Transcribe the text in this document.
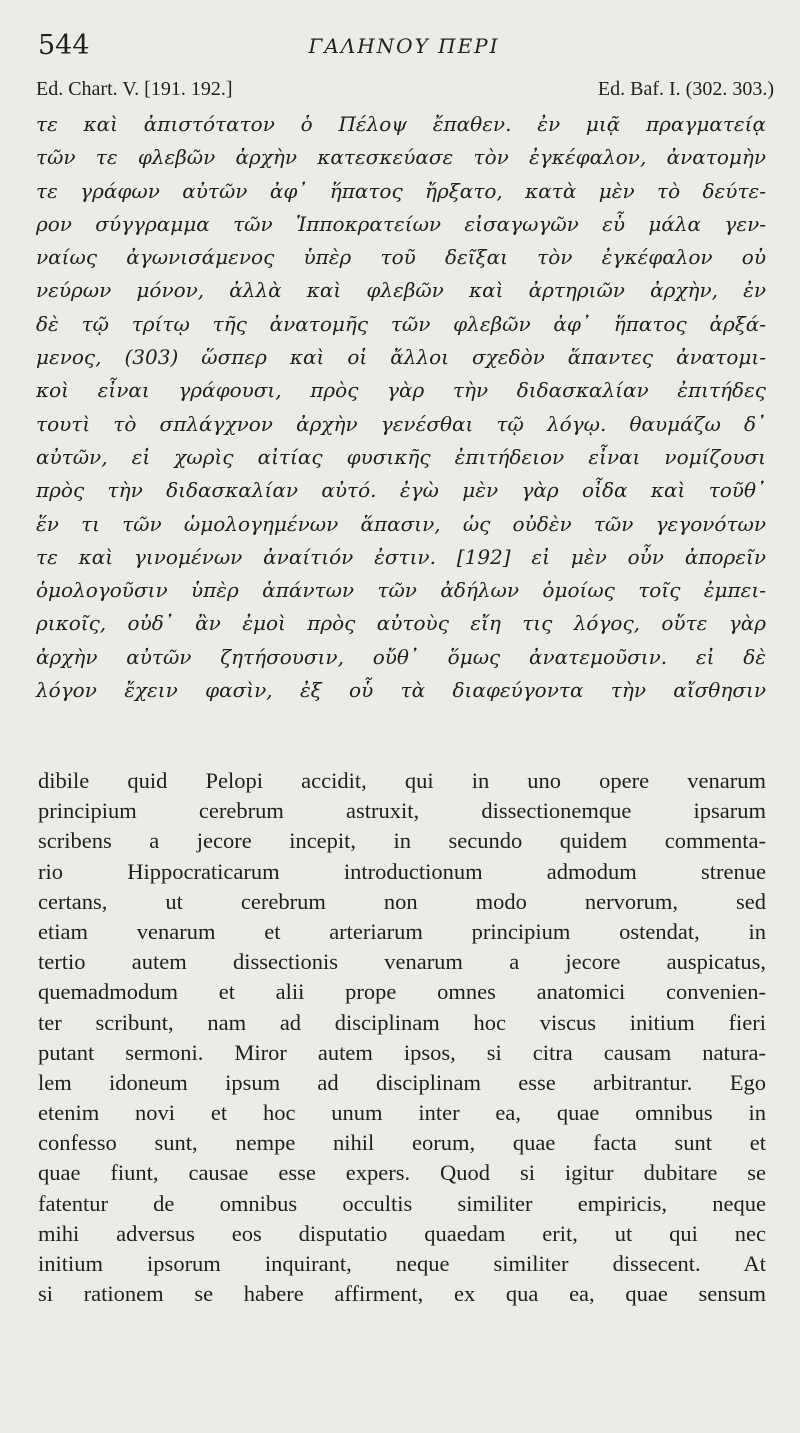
544	ΓΑΛΗΝΟΥ ΠΕΡΙ
Ed. Chart. V. [191. 192.]	Ed. Baf. I. (302. 303.)
τε καὶ ἀπιστότατον ὁ Πέλοψ ἔπαθεν. ἐν μιᾷ πραγματείᾳ
τῶν τε φλεβῶν ἀρχὴν κατεσκεύασε τὸν ἐγκέφαλον, ἀνατομὴν
τε γράφων αὐτῶν ἀφ᾽ ἥπατος ἤρξατο, κατὰ μὲν τὸ δεύτε-
ρον σύγγραμμα τῶν Ἱπποκρατείων εἰσαγωγῶν εὖ μάλα γεν-
ναίως ἀγωνισάμενος ὑπὲρ τοῦ δεῖξαι τὸν ἐγκέφαλον οὐ
νεύρων μόνον, ἀλλὰ καὶ φλεβῶν καὶ ἀρτηριῶν ἀρχὴν, ἐν
δὲ τῷ τρίτῳ τῆς ἀνατομῆς τῶν φλεβῶν ἀφ᾽ ἥπατος ἀρξά-
μενος, (303) ὥσπερ καὶ οἱ ἄλλοι σχεδὸν ἅπαντες ἀνατομι-
κοὶ εἶναι γράφουσι, πρὸς γὰρ τὴν διδασκαλίαν ἐπιτήδες
τουτὶ τὸ σπλάγχνον ἀρχὴν γενέσθαι τῷ λόγῳ. θαυμάζω δ᾽
αὐτῶν, εἰ χωρὶς αἰτίας φυσικῆς ἐπιτήδειον εἶναι νομίζουσι
πρὸς τὴν διδασκαλίαν αὐτό. ἐγὼ μὲν γὰρ οἶδα καὶ τοῦθ᾽
ἕν τι τῶν ὡμολογημένων ἅπασιν, ὡς οὐδὲν τῶν γεγονότων
τε καὶ γινομένων ἀναίτιόν ἐστιν. [192] εἰ μὲν οὖν ἀπορεῖν
ὁμολογοῦσιν ὑπὲρ ἁπάντων τῶν ἀδήλων ὁμοίως τοῖς ἐμπει-
ρικοῖς, οὐδ᾽ ἂν ἐμοὶ πρὸς αὐτοὺς εἴη τις λόγος, οὔτε γὰρ
ἀρχὴν αὐτῶν ζητήσουσιν, οὔθ᾽ ὅμως ἀνατεμοῦσιν. εἰ δὲ
λόγον ἔχειν φασὶν, ἐξ οὗ τὰ διαφεύγοντα τὴν αἴσθησιν
dibile quid Pelopi accidit, qui in uno opere venarum
principium cerebrum astruxit, dissectionemque ipsarum
scribens a jecore incepit, in secundo quidem commenta-
rio Hippocraticarum introductionum admodum strenue
certans, ut cerebrum non modo nervorum, sed
etiam venarum et arteriarum principium ostendat, in
tertio autem dissectionis venarum a jecore auspicatus,
quemadmodum et alii prope omnes anatomici convenien-
ter scribunt, nam ad disciplinam hoc viscus initium fieri
putant sermoni. Miror autem ipsos, si citra causam natura-
lem idoneum ipsum ad disciplinam esse arbitrantur. Ego
etenim novi et hoc unum inter ea, quae omnibus in
confesso sunt, nempe nihil eorum, quae facta sunt et
quae fiunt, causae esse expers. Quod si igitur dubitare se
fatentur de omnibus occultis similiter empiricis, neque
mihi adversus eos disputatio quaedam erit, ut qui nec
initium ipsorum inquirant, neque similiter dissecent. At
si rationem se habere affirment, ex qua ea, quae sensum
